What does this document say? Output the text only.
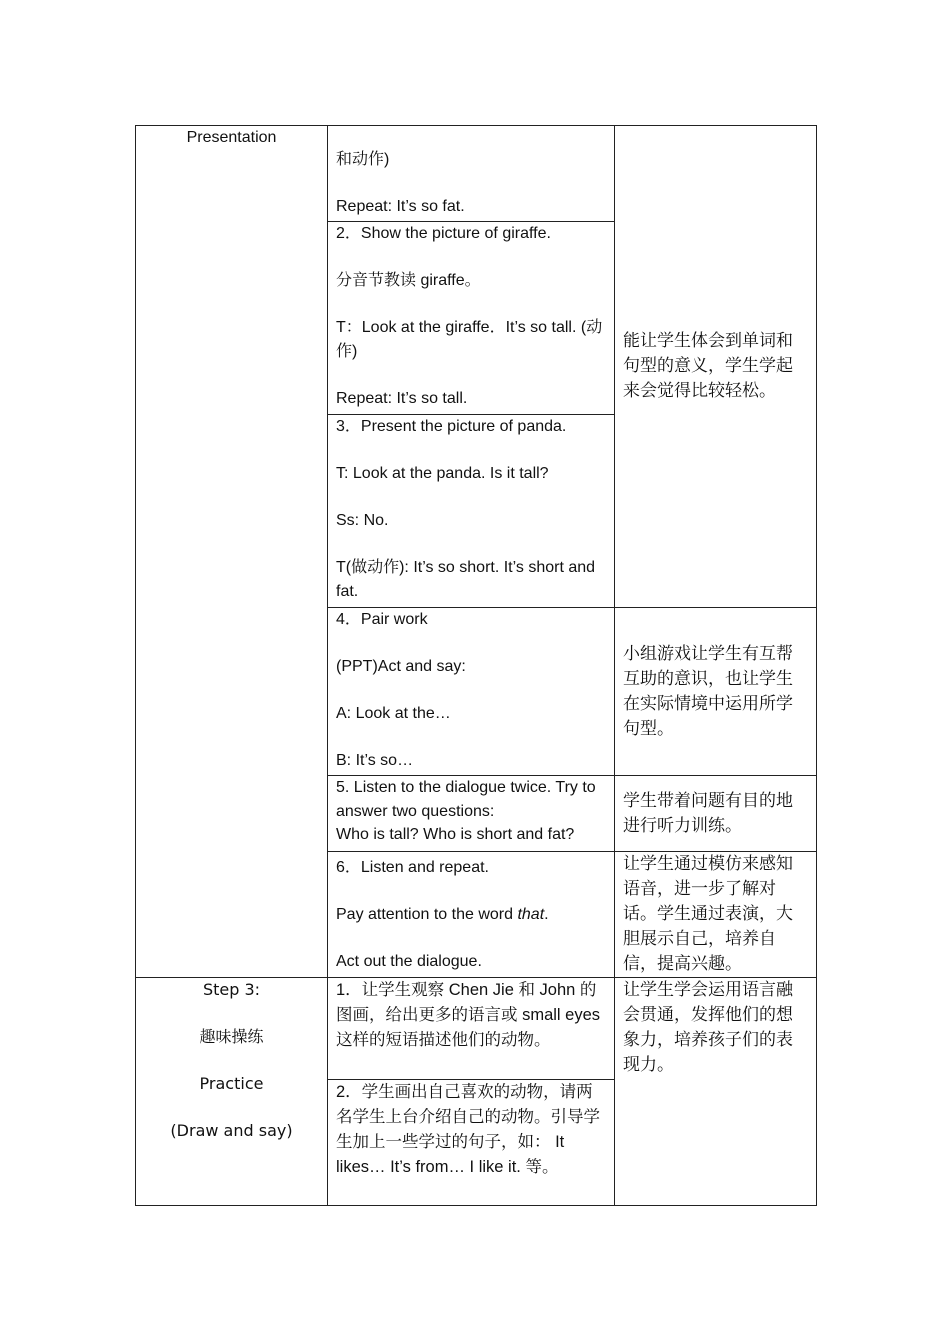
Presentation	和动作)
Repeat: It’s so fat.	能让学生体会到单词和句型的意义，学生学起来会觉得比较轻松。

	2．Show the picture of giraffe.
分音节教读 giraffe。
T：Look at the giraffe．It’s so tall. (动作)
Repeat: It’s so tall.	

	3．Present the picture of panda.
T: Look at the panda. Is it tall?
Ss: No.
T(做动作): It’s so short. It’s short and fat.	

	4．Pair work
(PPT)Act and say:
A: Look at the…
B: It’s so…	小组游戏让学生有互帮互助的意识，也让学生在实际情境中运用所学句型。

	5. Listen to the dialogue twice. Try to answer two questions:
Who is tall? Who is short and fat?	学生带着问题有目的地进行听力训练。

	6．Listen and repeat.
Pay attention to the word that.
Act out the dialogue.	让学生通过模仿来感知语音，进一步了解对话。学生通过表演，大胆展示自己，培养自信，提高兴趣。

Step 3:
趣味操练
Practice
(Draw and say)	1．让学生观察 Chen Jie 和 John 的图画，给出更多的语言或 small eyes 这样的短语描述他们的动物。	让学生学会运用语言融会贯通，发挥他们的想象力，培养孩子们的表现力。
	2．学生画出自己喜欢的动物，请两名学生上台介绍自己的动物。引导学生加上一些学过的句子，如： It likes… It’s from… I like it. 等。	
